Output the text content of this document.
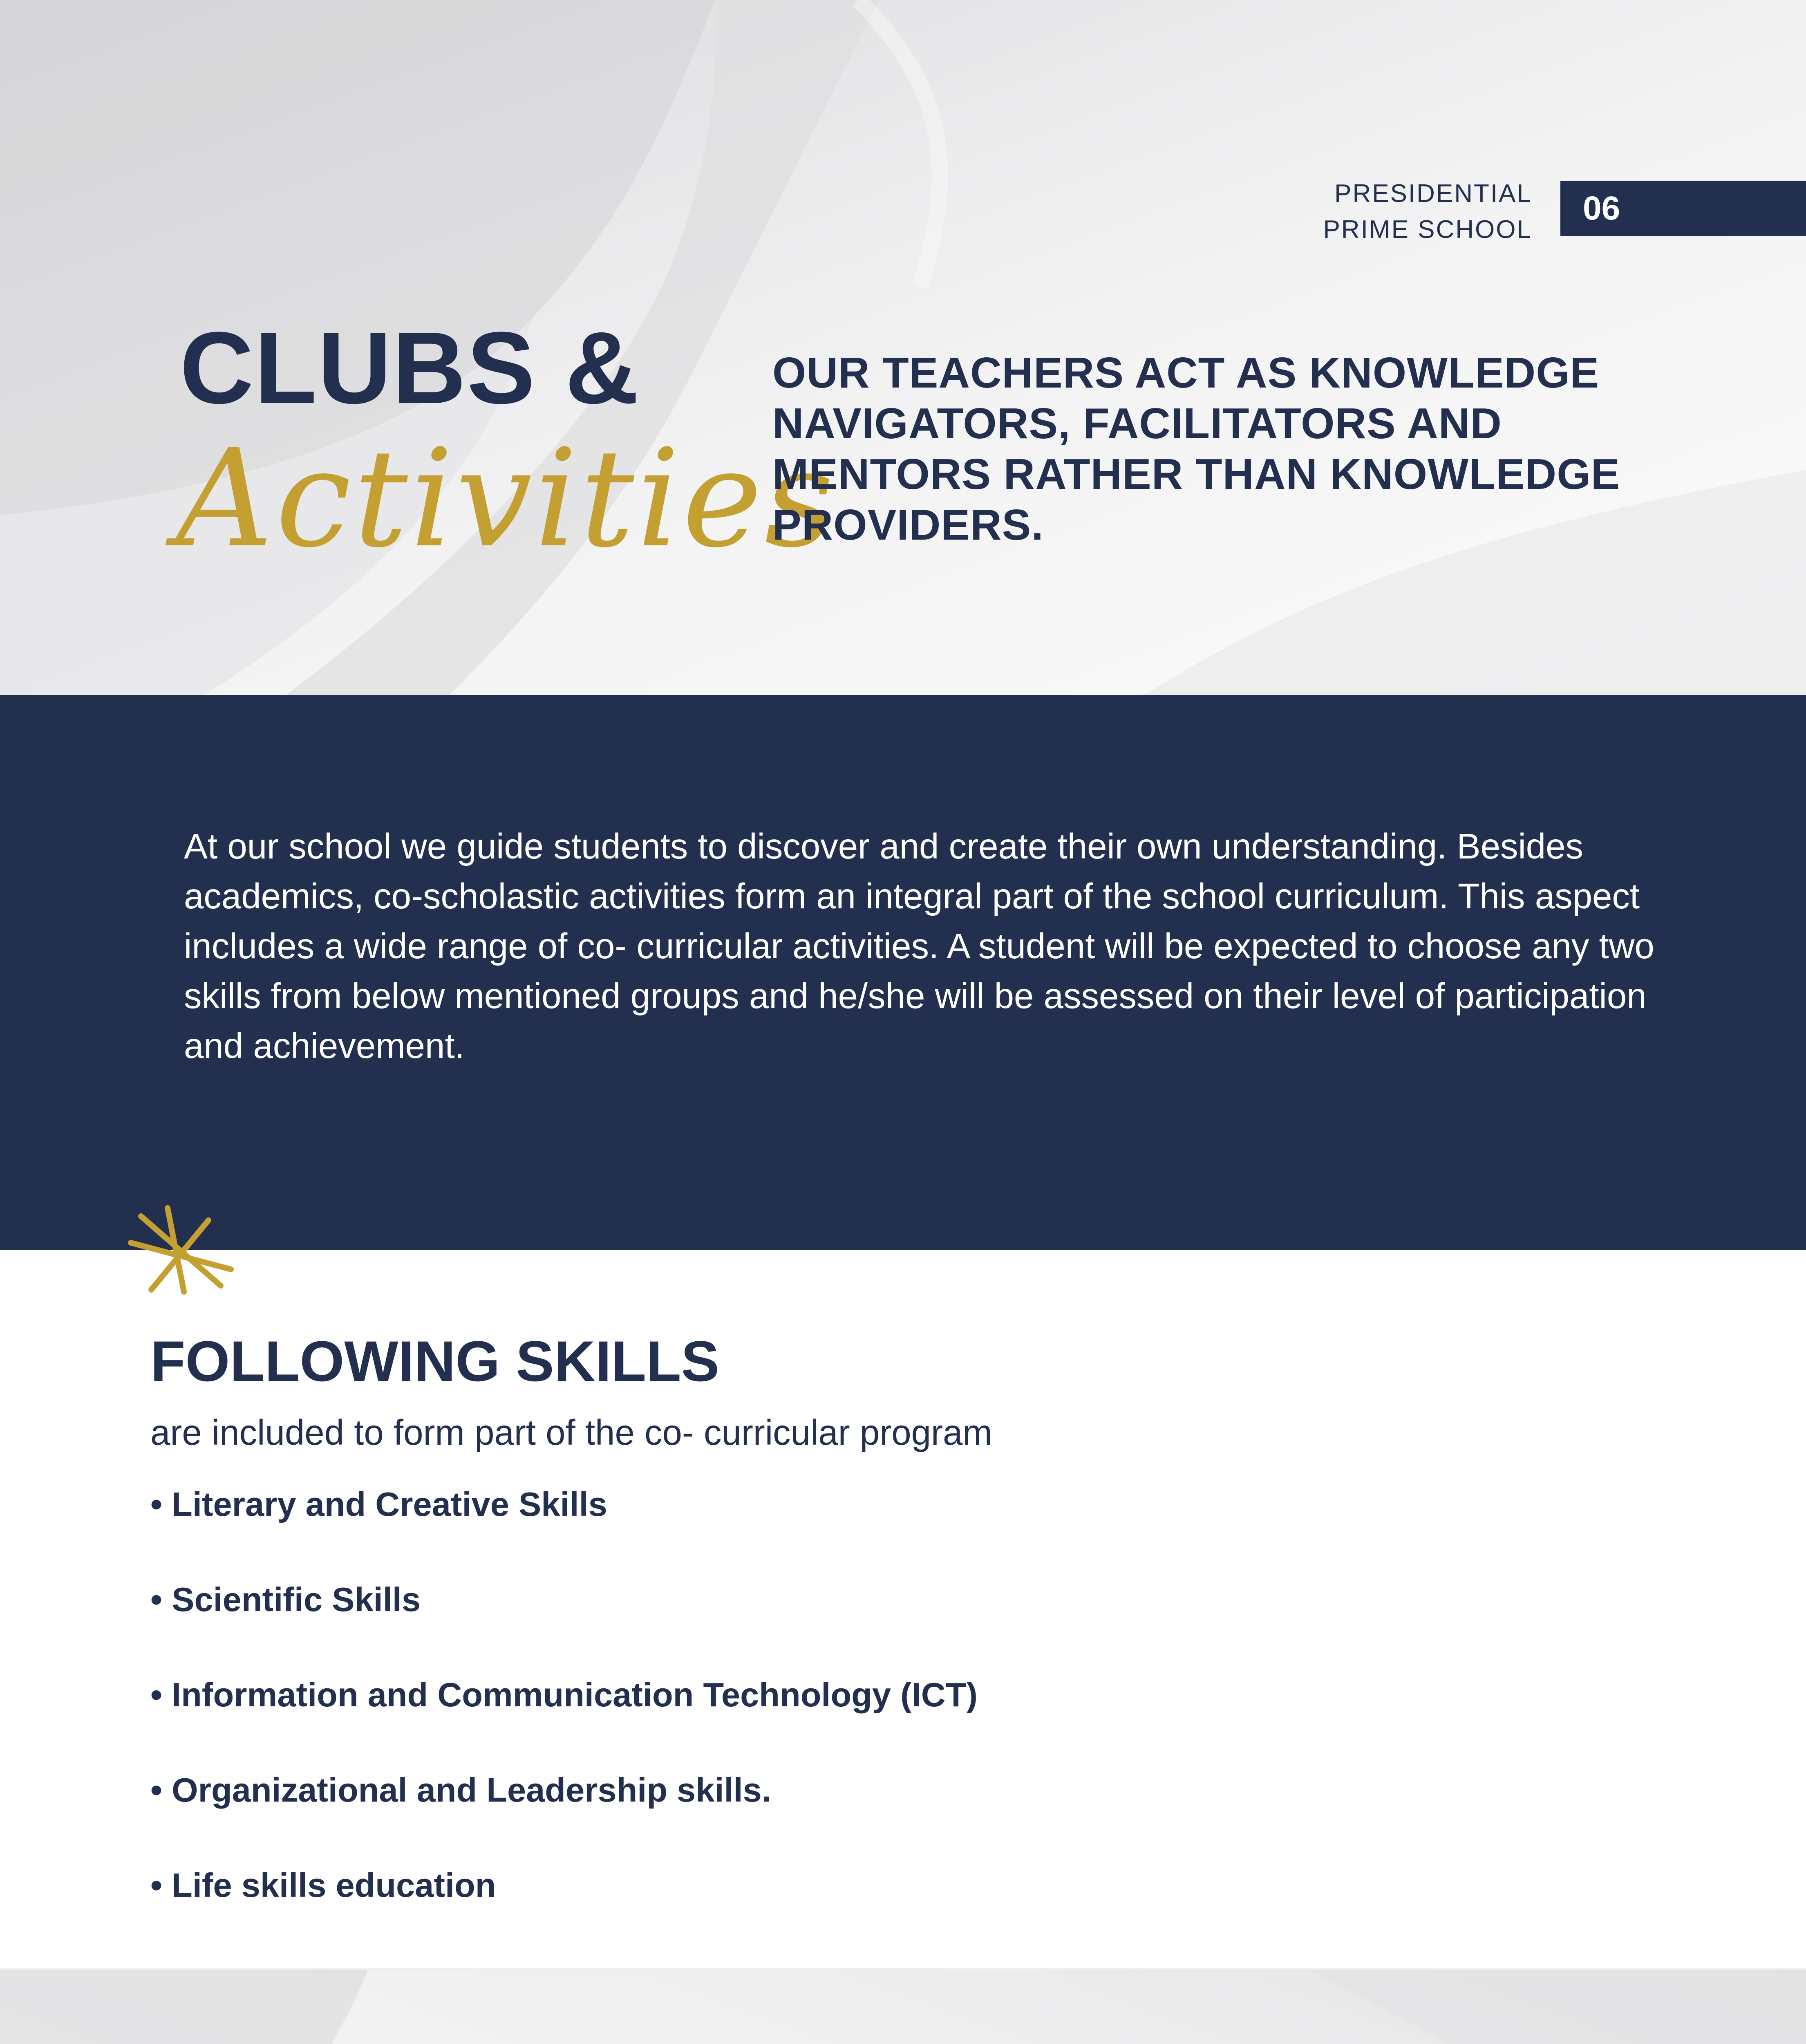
PRESIDENTIAL
PRIME SCHOOL
06
CLUBS &
Activities
OUR TEACHERS ACT AS KNOWLEDGE NAVIGATORS, FACILITATORS AND MENTORS RATHER THAN KNOWLEDGE PROVIDERS.
At our school we guide students to discover and create their own understanding. Besides academics, co-scholastic activities form an integral part of the school curriculum. This aspect includes a wide range of co- curricular activities. A student will be expected to choose any two skills from below mentioned groups and he/she will be assessed on their level of participation and achievement.
FOLLOWING SKILLS
are included to form part of the co- curricular program
• Literary and Creative Skills
• Scientific Skills
• Information and Communication Technology (ICT)
• Organizational and Leadership skills.
• Life skills education
